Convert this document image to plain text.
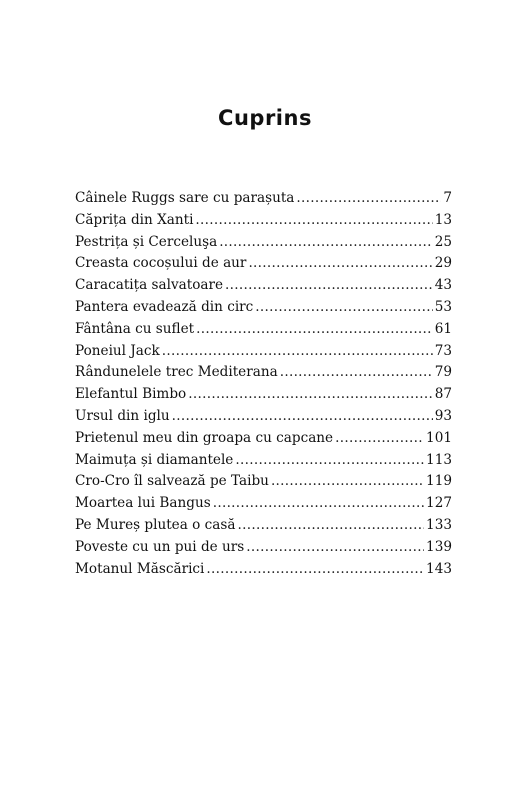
Cuprins
Câinele Ruggs sare cu parașuta .....	7
Căprița din Xanti .....	13
Pestrița și Cerceluşa .....	25
Creasta cocoșului de aur .....	29
Caracatița salvatoare .....	43
Pantera evadează din circ .....	53
Fântâna cu suflet .....	61
Poneiul Jack .....	73
Rândunelele trec Mediterana .....	79
Elefantul Bimbo .....	87
Ursul din iglu .....	93
Prietenul meu din groapa cu capcane .....	101
Maimuța și diamantele .....	113
Cro-Cro îl salvează pe Taibu .....	119
Moartea lui Bangus .....	127
Pe Mureș plutea o casă .....	133
Poveste cu un pui de urs .....	139
Motanul Măscărici .....	143
